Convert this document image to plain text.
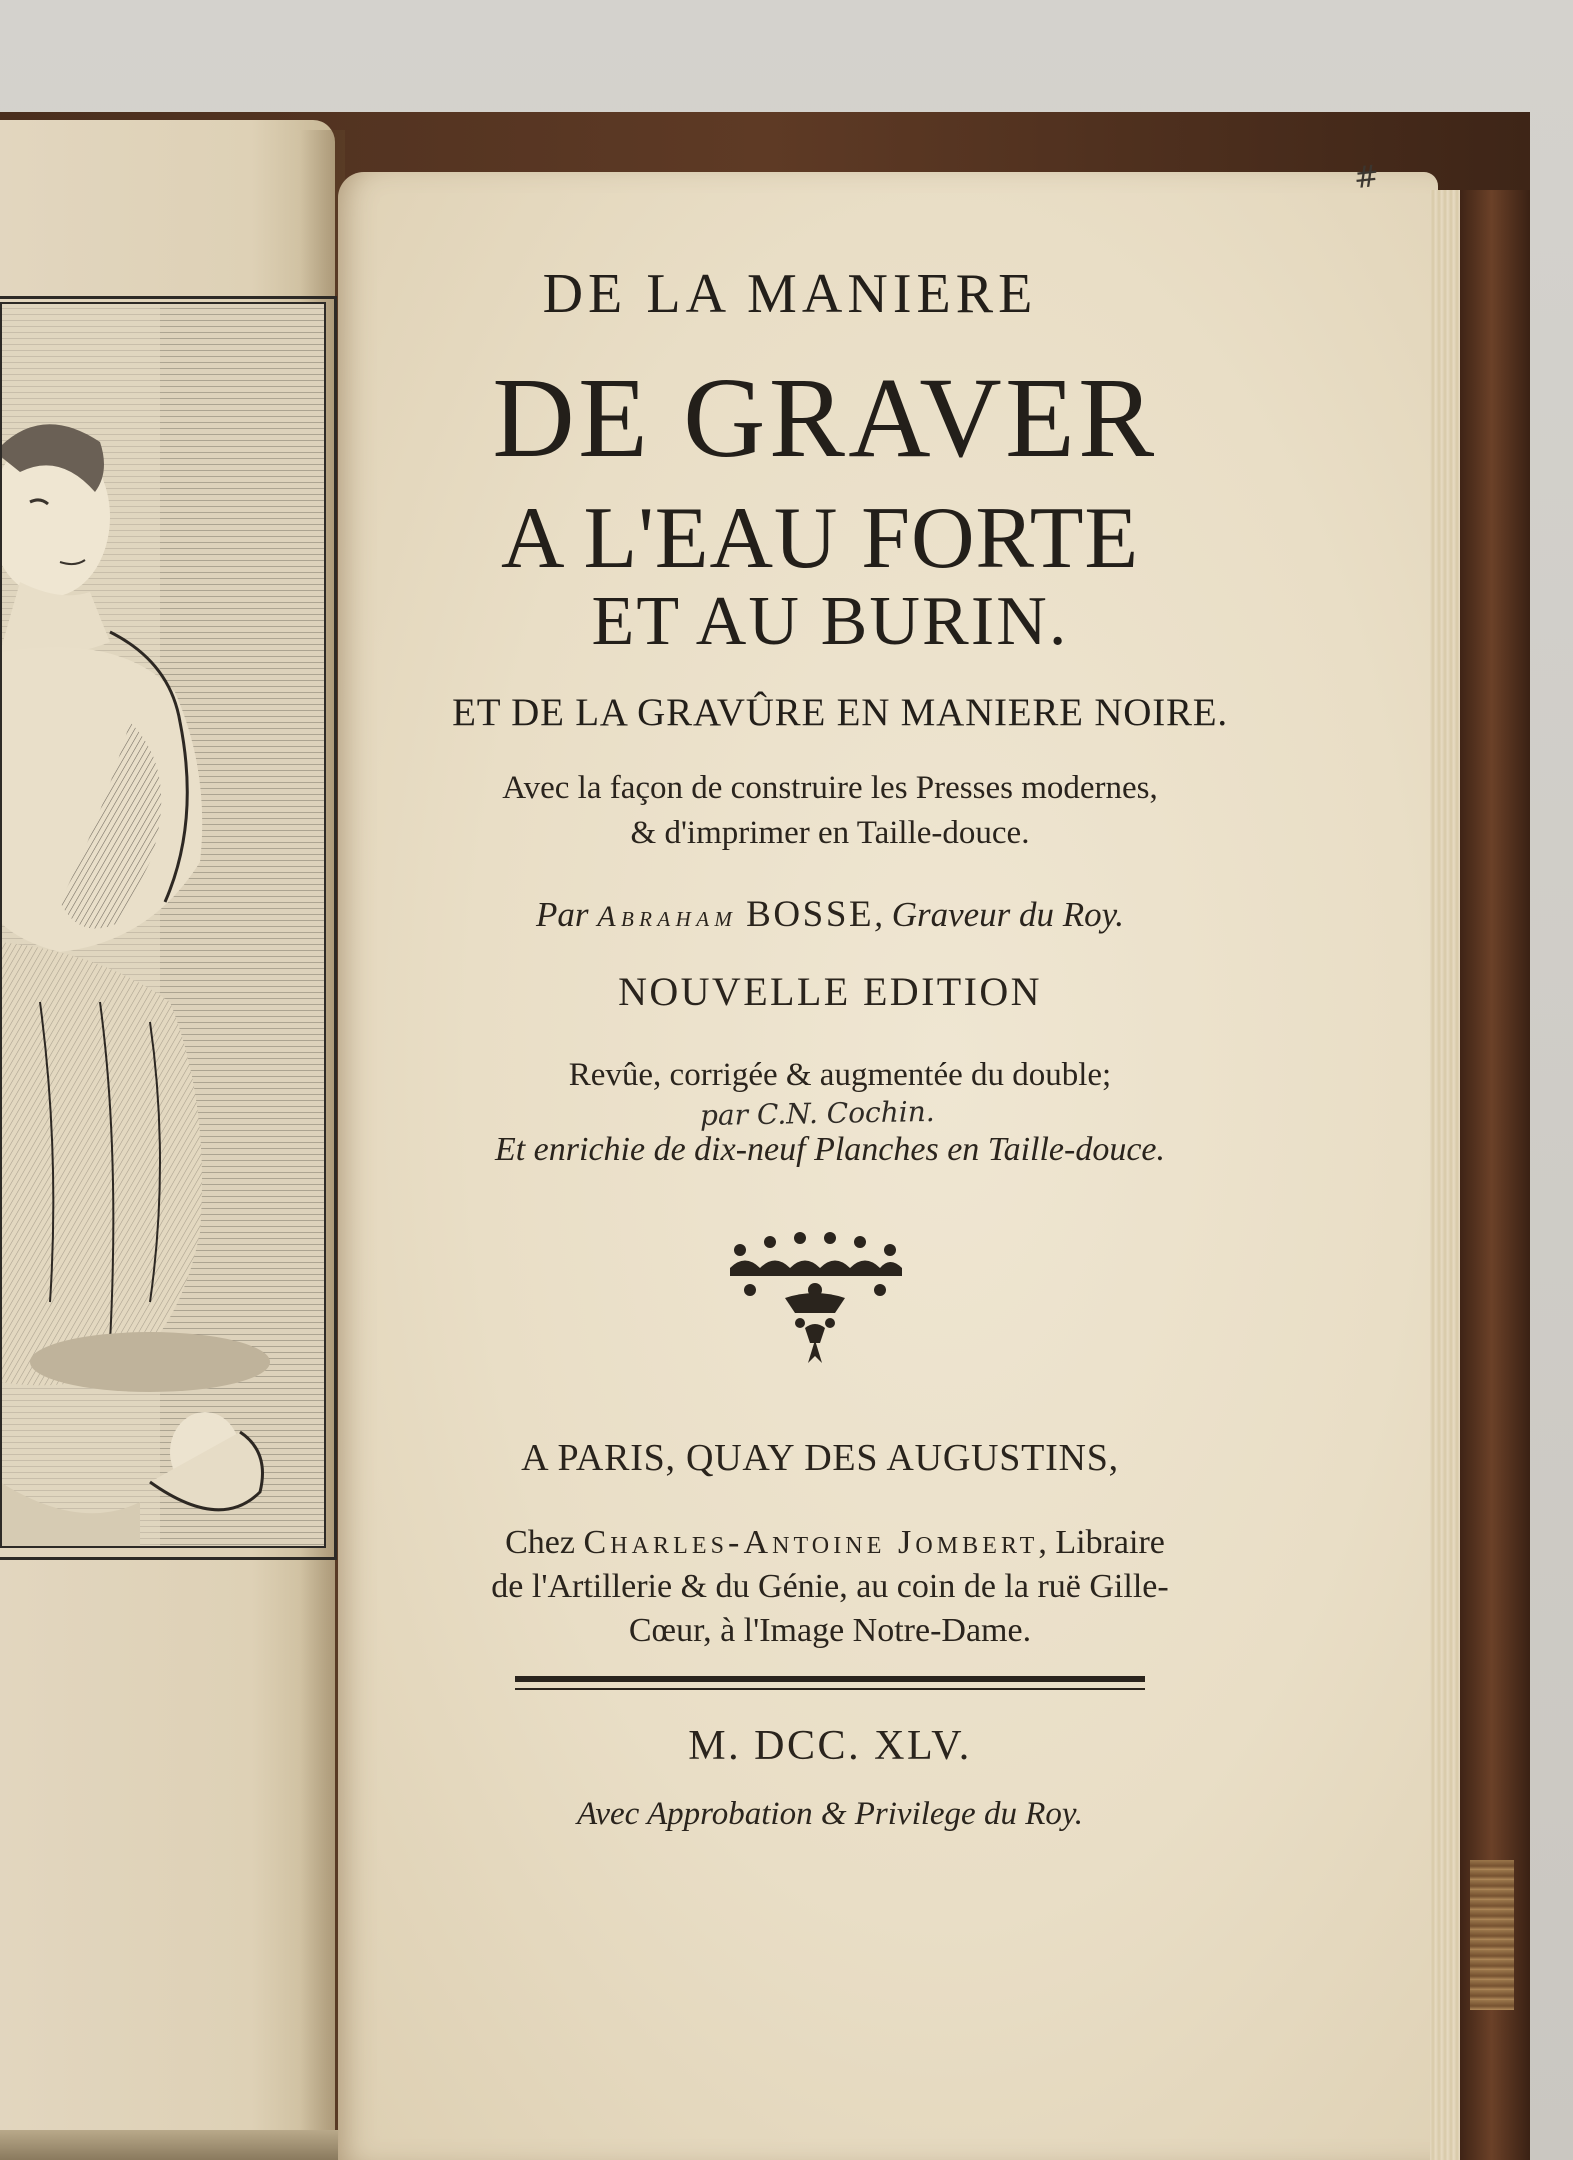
#
DE LA MANIERE
DE GRAVER
A L'EAU FORTE
ET AU BURIN.
ET DE LA GRAVÛRE EN MANIERE NOIRE.
Avec la façon de construire les Presses modernes,
& d'imprimer en Taille-douce.
Par Abraham BOSSE, Graveur du Roy.
NOUVELLE EDITION
Revûe, corrigée & augmentée du double;
par C.N. Cochin.
Et enrichie de dix-neuf Planches en Taille-douce.
A PARIS, QUAY DES AUGUSTINS,
Chez Charles-Antoine Jombert, Libraire
de l'Artillerie & du Génie, au coin de la ruë Gille-
Cœur, à l'Image Notre-Dame.
M. DCC. XLV.
Avec Approbation & Privilege du Roy.
